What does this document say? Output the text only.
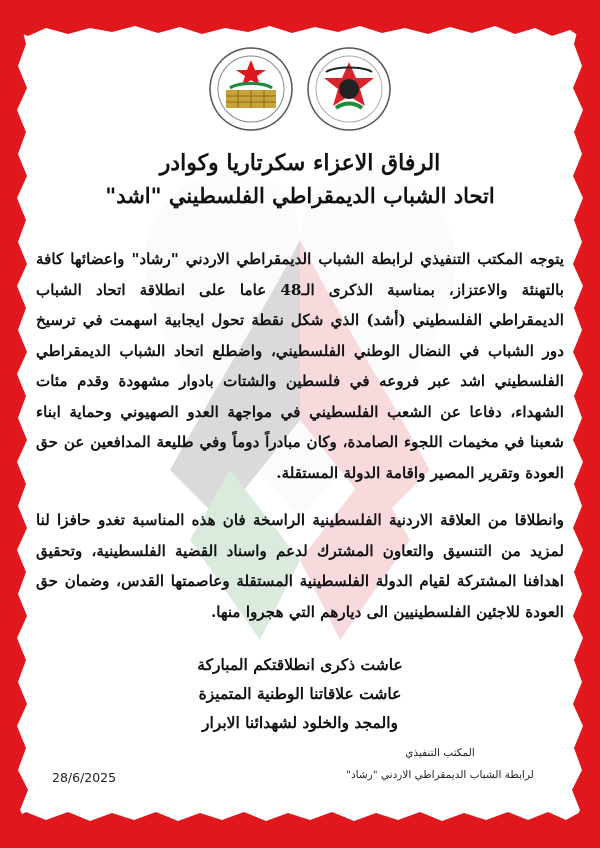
الرفاق الاعزاء سكرتاريا وكوادر
اتحاد الشباب الديمقراطي الفلسطيني "اشد"
يتوجه المكتب التنفيذي لرابطة الشباب الديمقراطي الاردني "رشاد" واعضائها كافة بالتهنئة والاعتزاز، بمناسبة الذكرى الـ48 عاما على انطلاقة اتحاد الشباب الديمقراطي الفلسطيني (أشد) الذي شكل نقطة تحول ايجابية اسهمت في ترسيخ دور الشباب في النضال الوطني الفلسطيني، واضطلع اتحاد الشباب الديمقراطي الفلسطيني اشد عبر فروعه في فلسطين والشتات بادوار مشهودة وقدم مئات الشهداء، دفاعا عن الشعب الفلسطيني في مواجهة العدو الصهيوني وحماية ابناء شعبنا في مخيمات اللجوء الصامدة، وكان مبادراً دوماً وفي طليعة المدافعين عن حق العودة وتقرير المصير واقامة الدولة المستقلة.
وانطلاقا من العلاقة الاردنية الفلسطينية الراسخة فان هذه المناسبة تغدو حافزا لنا لمزيد من التنسيق والتعاون المشترك لدعم واسناد القضية الفلسطينية، وتحقيق اهدافنا المشتركة لقيام الدولة الفلسطينية المستقلة وعاصمتها القدس، وضمان حق العودة للاجئين الفلسطينيين الى ديارهم التي هجروا منها.
عاشت ذكرى انطلاقتكم المباركة
عاشت علاقاتنا الوطنية المتميزة
والمجد والخلود لشهدائنا الابرار
المكتب التنفيذي
لرابطة الشباب الديمقراطي الاردني "رشاد"
28/6/2025
